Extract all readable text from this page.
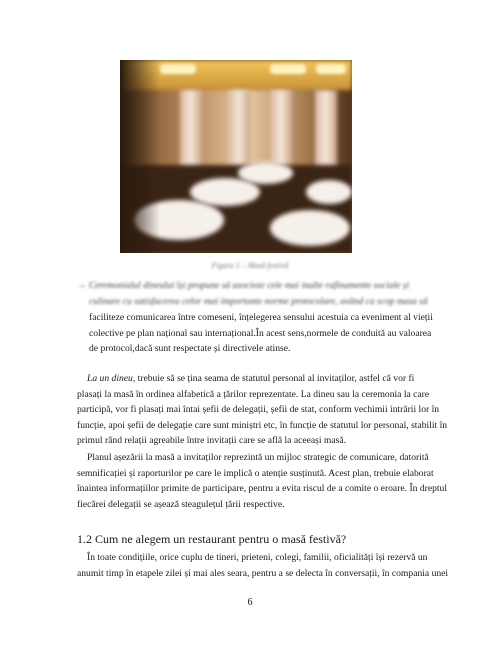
Figura 1 – Masă festivă
→ Ceremonialul dineului își propune să asocieze cele mai inalte rafinamente sociale și
culinare cu satisfacerea celor mai importante norme protocolare, având ca scop masa să
faciliteze comunicarea între comeseni, înțelegerea sensului acestuia ca eveniment al vieții
colective pe plan național sau internațional.În acest sens,normele de conduită au valoarea
de protocol,dacă sunt respectate și directivele atinse.
La un dineu, trebuie să se țina seama de statutul personal al invitaților, astfel că vor fi
plasați la masă în ordinea alfabetică a țărilor reprezentate. La dineu sau la ceremonia la care
participă, vor fi plasați mai întai șefii de delegații, șefii de stat, conform vechimii intrării lor în
funcție, apoi șefii de delegație care sunt miniștri etc, în funcție de statutul lor personal, stabilit în
primul rând relații agreabile între invitații care se află la aceeași masă.
Planul așezării la masă a invitaților reprezintă un mijloc strategic de comunicare, datorită
semnificației și raporturilor pe care le implică o atenție susținută. Acest plan, trebuie elaborat
înaintea informațiilor primite de participare, pentru a evita riscul de a comite o eroare. În dreptul
fiecărei delegații se așează steagulețul țării respective.
1.2 Cum ne alegem un restaurant pentru o masă festivă?
În toate condițiile, orice cuplu de tineri, prieteni, colegi, familii, oficialități își rezervă un
anumit timp în etapele zilei și mai ales seara, pentru a se delecta în conversații, în compania unei
6
